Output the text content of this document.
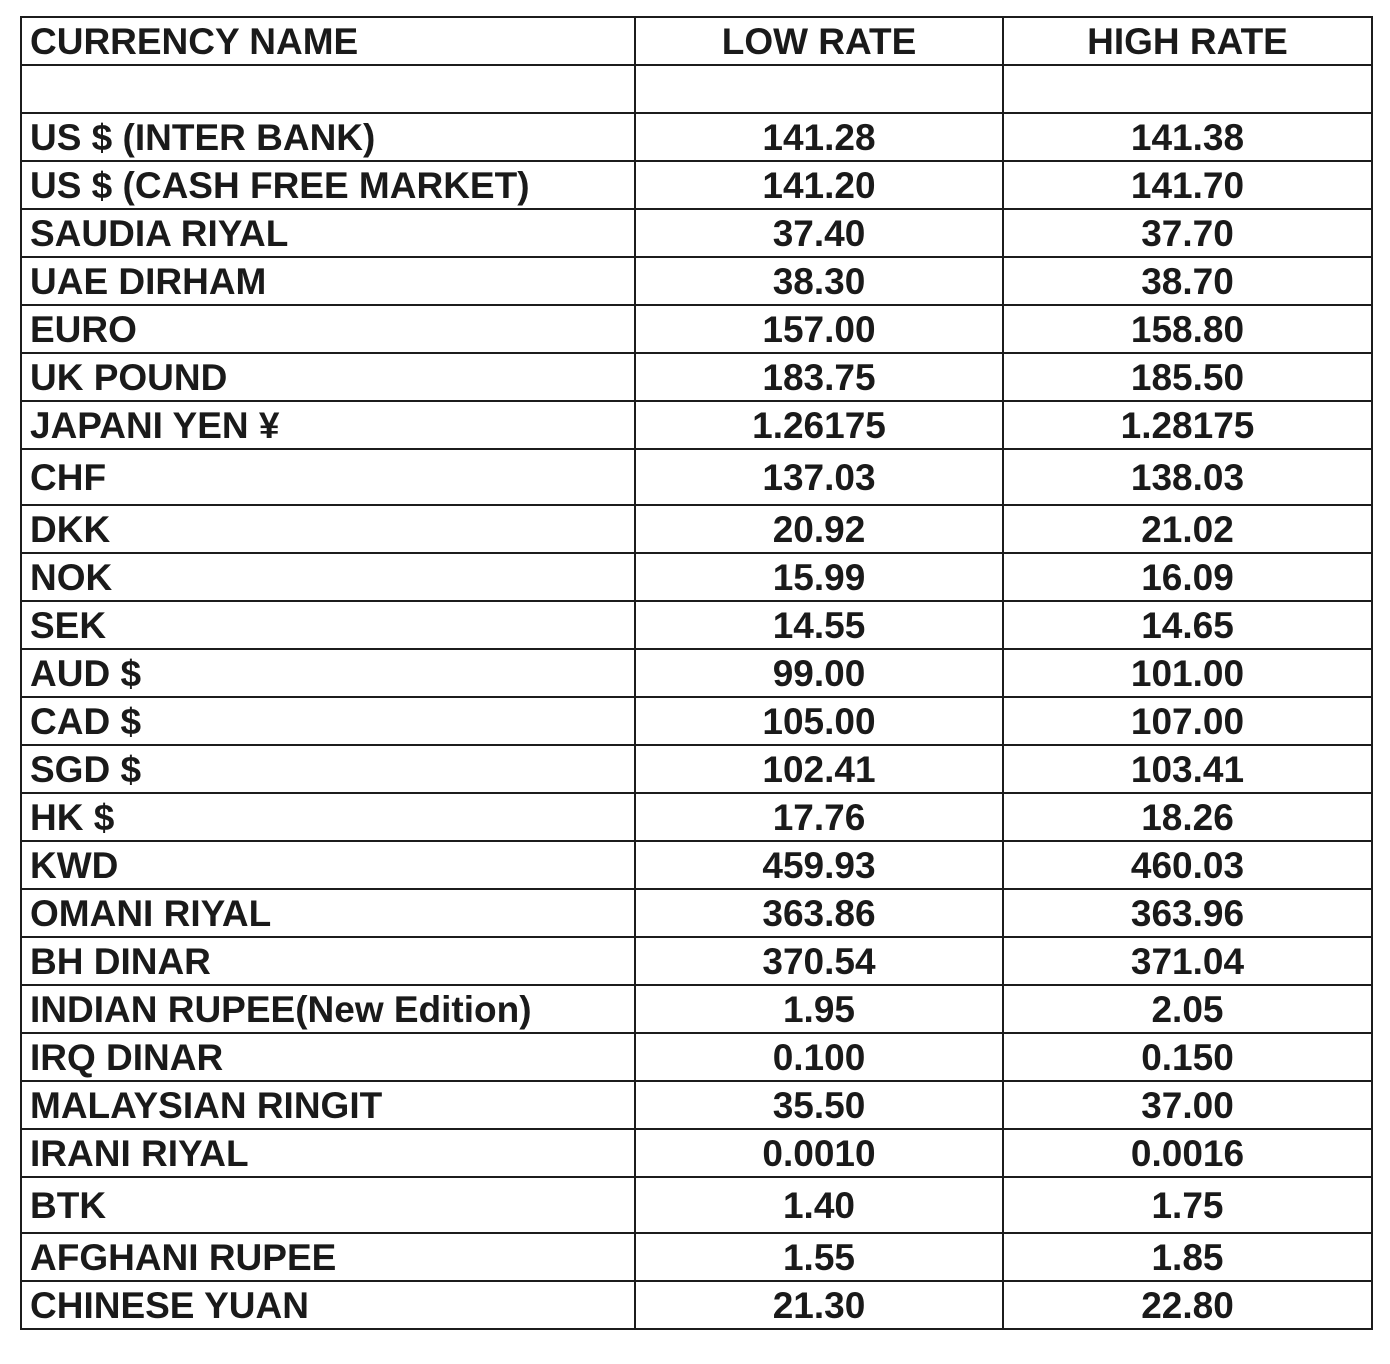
CURRENCY NAME	LOW RATE	HIGH RATE

US $ (INTER BANK)	141.28	141.38
US $ (CASH FREE MARKET)	141.20	141.70
SAUDIA RIYAL	37.40	37.70
UAE DIRHAM	38.30	38.70
EURO	157.00	158.80
UK POUND	183.75	185.50
JAPANI YEN ¥	1.26175	1.28175
CHF	137.03	138.03
DKK	20.92	21.02
NOK	15.99	16.09
SEK	14.55	14.65
AUD $	99.00	101.00
CAD $	105.00	107.00
SGD $	102.41	103.41
HK $	17.76	18.26
KWD	459.93	460.03
OMANI RIYAL	363.86	363.96
BH DINAR	370.54	371.04
INDIAN RUPEE(New Edition)	1.95	2.05
IRQ DINAR	0.100	0.150
MALAYSIAN RINGIT	35.50	37.00
IRANI RIYAL	0.0010	0.0016
BTK	1.40	1.75
AFGHANI RUPEE	1.55	1.85
CHINESE YUAN	21.30	22.80
